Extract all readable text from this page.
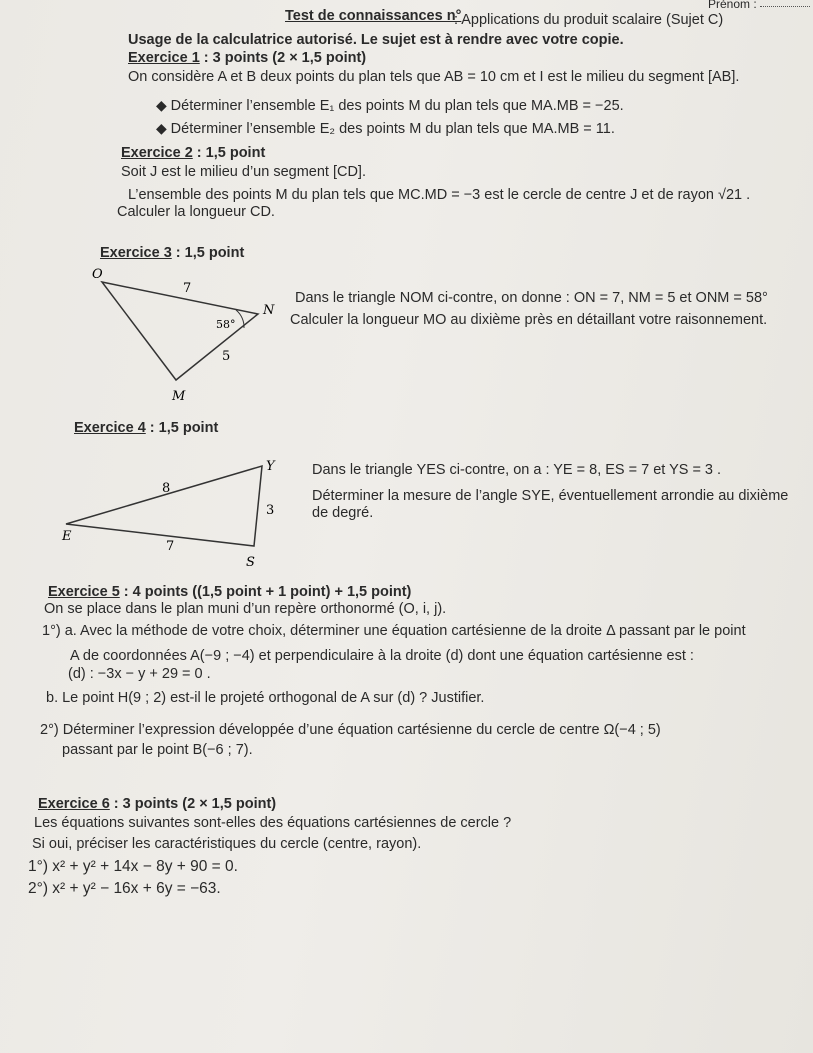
Prénom :
Test de connaissances n°
: Applications du produit scalaire (Sujet C)
Usage de la calculatrice autorisé. Le sujet est à rendre avec votre copie.
Exercice 1 : 3 points (2 × 1,5 point)
On considère A et B deux points du plan tels que AB = 10 cm et I est le milieu du segment [AB].
◆ Déterminer l’ensemble E₁ des points M du plan tels que MA.MB = −25.
◆ Déterminer l’ensemble E₂ des points M du plan tels que MA.MB = 11.
Exercice 2 : 1,5 point
Soit J est le milieu d’un segment [CD].
L’ensemble des points M du plan tels que MC.MD = −3 est le cercle de centre J et de rayon √21 .
Calculer la longueur CD.
Exercice 3 : 1,5 point
O
N
M
7
5
58°
Dans le triangle NOM ci-contre, on donne : ON = 7, NM = 5 et ONM = 58°
Calculer la longueur MO au dixième près en détaillant votre raisonnement.
Exercice 4 : 1,5 point
Y
E
S
8
3
7
Dans le triangle YES ci-contre, on a : YE = 8, ES = 7 et YS = 3 .
Déterminer la mesure de l’angle SYE, éventuellement arrondie au dixième
de degré.
Exercice 5 : 4 points ((1,5 point + 1 point) + 1,5 point)
On se place dans le plan muni d’un repère orthonormé (O, i, j).
1°) a. Avec la méthode de votre choix, déterminer une équation cartésienne de la droite Δ passant par le point
A de coordonnées A(−9 ; −4) et perpendiculaire à la droite (d) dont une équation cartésienne est :
(d) : −3x − y + 29 = 0 .
b. Le point H(9 ; 2) est-il le projeté orthogonal de A sur (d) ? Justifier.
2°) Déterminer l’expression développée d’une équation cartésienne du cercle de centre Ω(−4 ; 5)
passant par le point B(−6 ; 7).
Exercice 6 : 3 points (2 × 1,5 point)
Les équations suivantes sont-elles des équations cartésiennes de cercle ?
Si oui, préciser les caractéristiques du cercle (centre, rayon).
1°) x² + y² + 14x − 8y + 90 = 0.
2°) x² + y² − 16x + 6y = −63.
